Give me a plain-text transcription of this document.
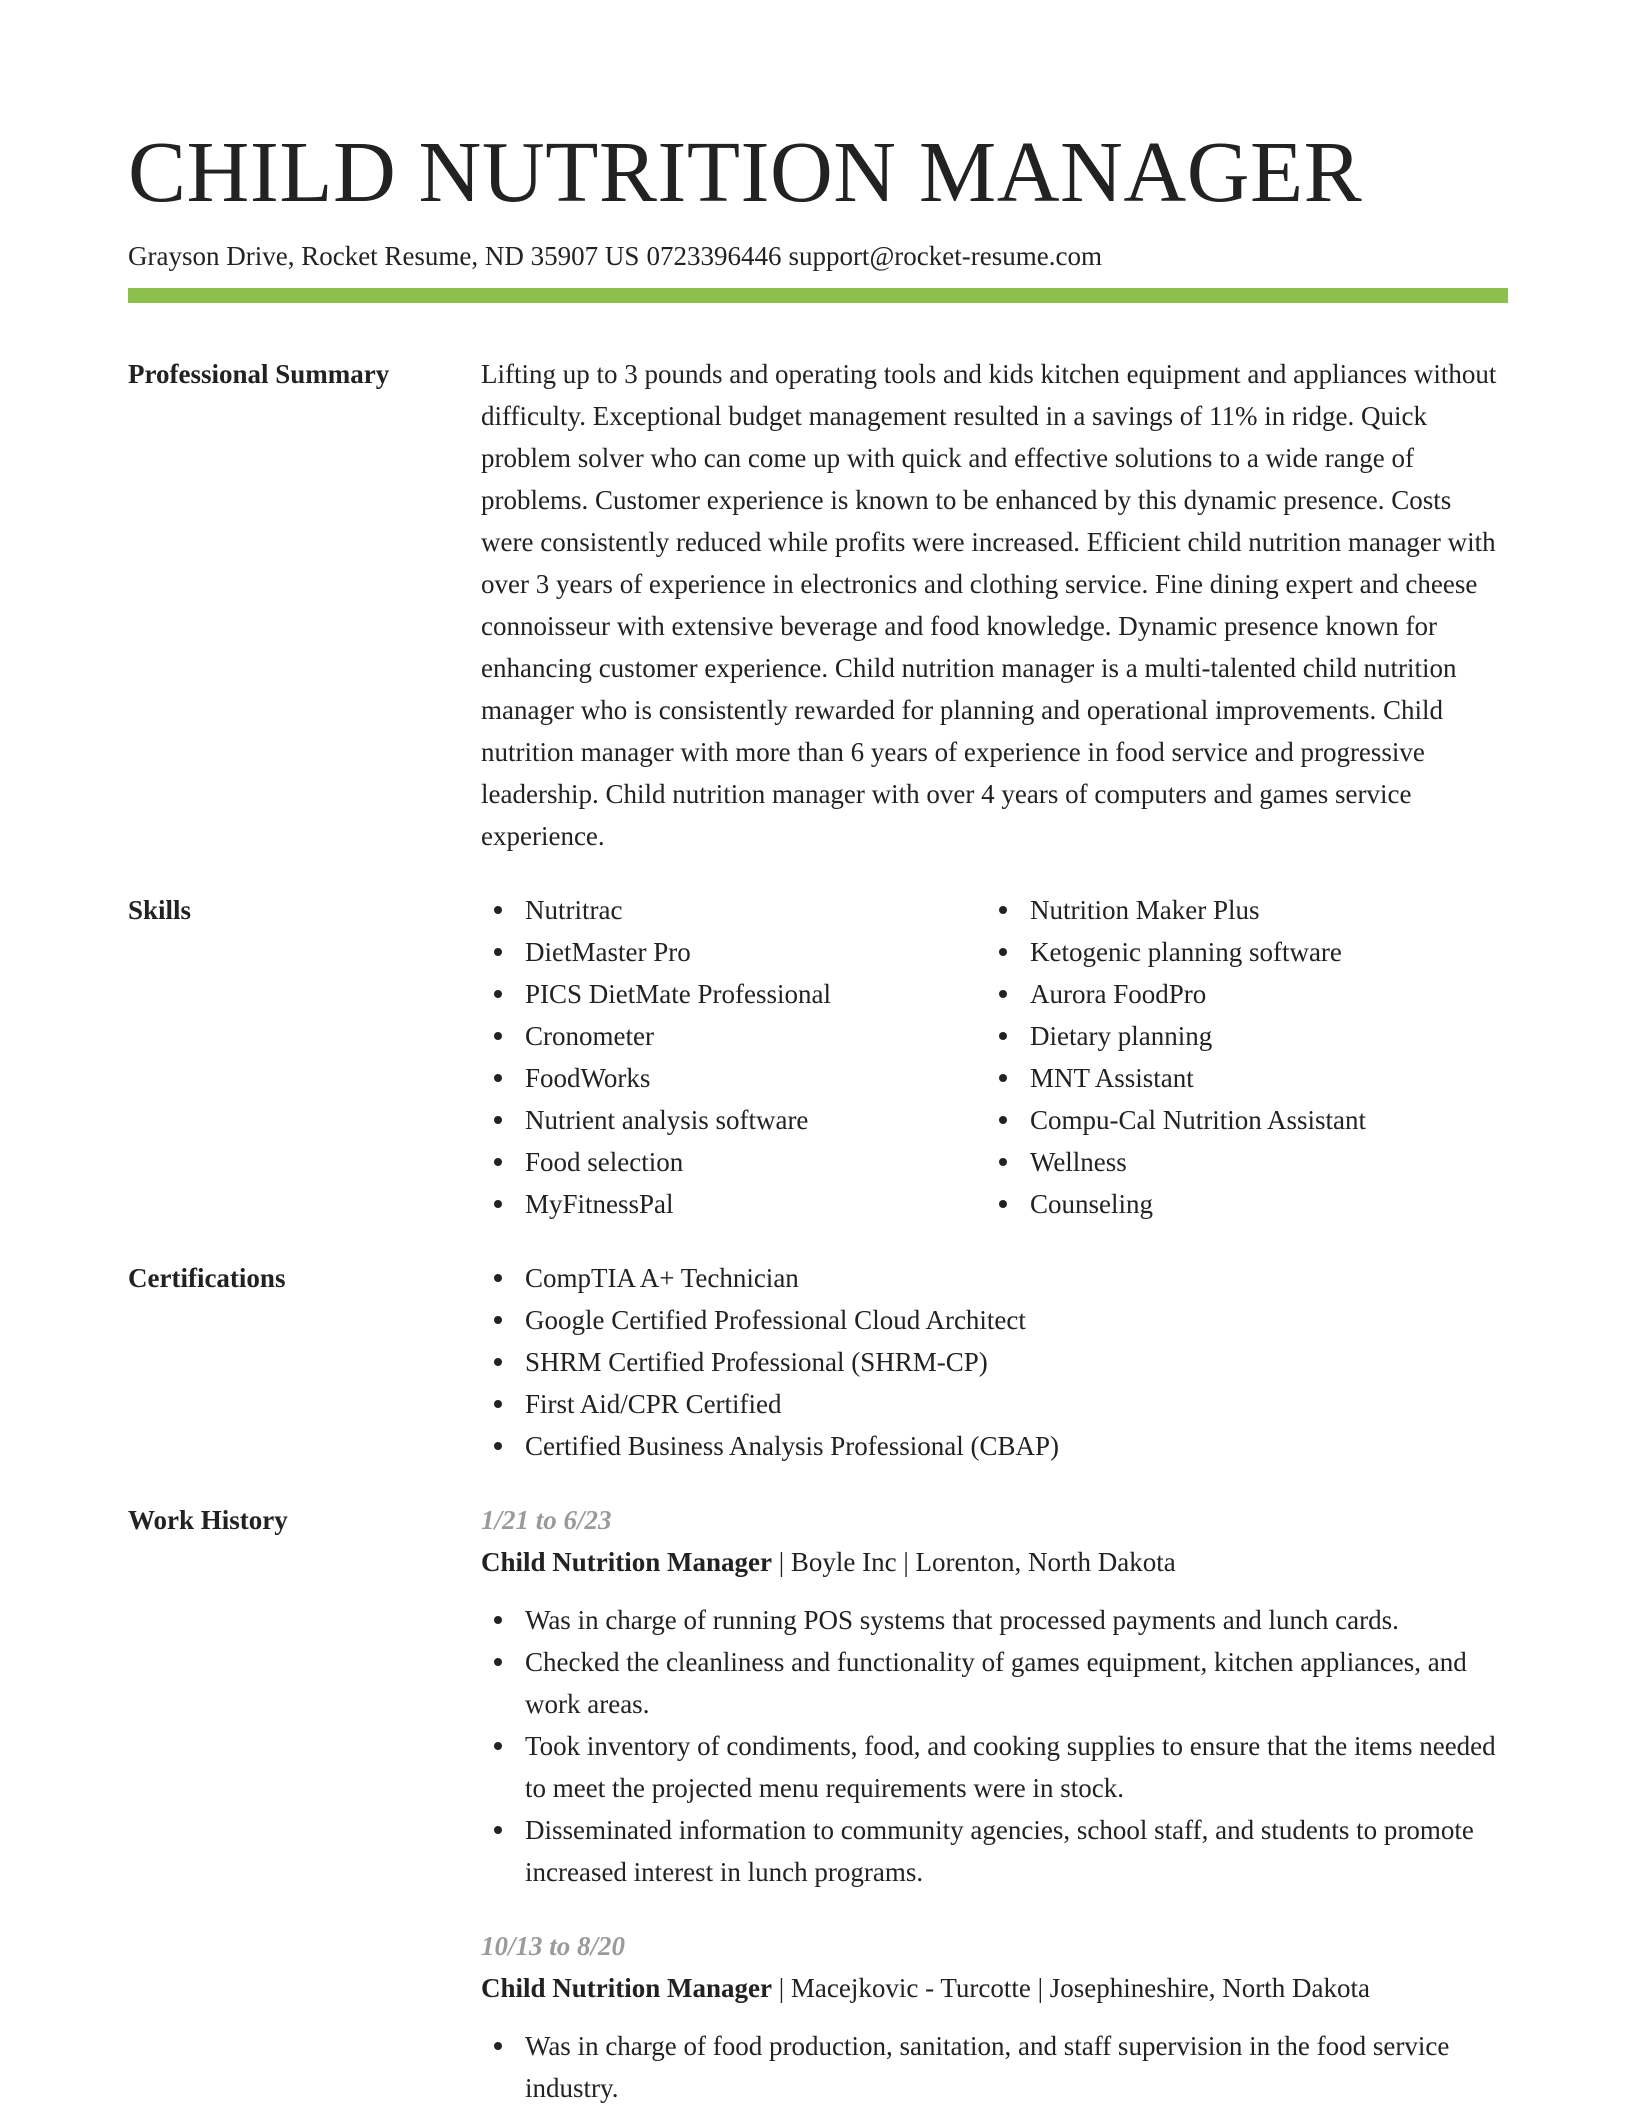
CHILD NUTRITION MANAGER
Grayson Drive, Rocket Resume, ND 35907 US 0723396446 support@rocket-resume.com
Professional Summary	Lifting up to 3 pounds and operating tools and kids kitchen equipment and appliances without difficulty. Exceptional budget management resulted in a savings of 11% in ridge. Quick problem solver who can come up with quick and effective solutions to a wide range of problems. Customer experience is known to be enhanced by this dynamic presence. Costs were consistently reduced while profits were increased. Efficient child nutrition manager with over 3 years of experience in electronics and clothing service. Fine dining expert and cheese connoisseur with extensive beverage and food knowledge. Dynamic presence known for enhancing customer experience. Child nutrition manager is a multi-talented child nutrition manager who is consistently rewarded for planning and operational improvements. Child nutrition manager with more than 6 years of experience in food service and progressive leadership. Child nutrition manager with over 4 years of computers and games service experience.

Skills	Nutritrac
DietMaster Pro
PICS DietMate Professional
Cronometer
FoodWorks
Nutrient analysis software
Food selection
MyFitnessPal
Nutrition Maker Plus
Ketogenic planning software
Aurora FoodPro
Dietary planning
MNT Assistant
Compu-Cal Nutrition Assistant
Wellness
Counseling
Certifications	CompTIA A+ Technician
Google Certified Professional Cloud Architect
SHRM Certified Professional (SHRM-CP)
First Aid/CPR Certified
Certified Business Analysis Professional (CBAP)
Work History	1/21 to 6/23
Child Nutrition Manager | Boyle Inc | Lorenton, North Dakota
Was in charge of running POS systems that processed payments and lunch cards.
Checked the cleanliness and functionality of games equipment, kitchen appliances, and work areas.
Took inventory of condiments, food, and cooking supplies to ensure that the items needed to meet the projected menu requirements were in stock.
Disseminated information to community agencies, school staff, and students to promote increased interest in lunch programs.
10/13 to 8/20
Child Nutrition Manager | Macejkovic - Turcotte | Josephineshire, North Dakota
Was in charge of food production, sanitation, and staff supervision in the food service industry.
